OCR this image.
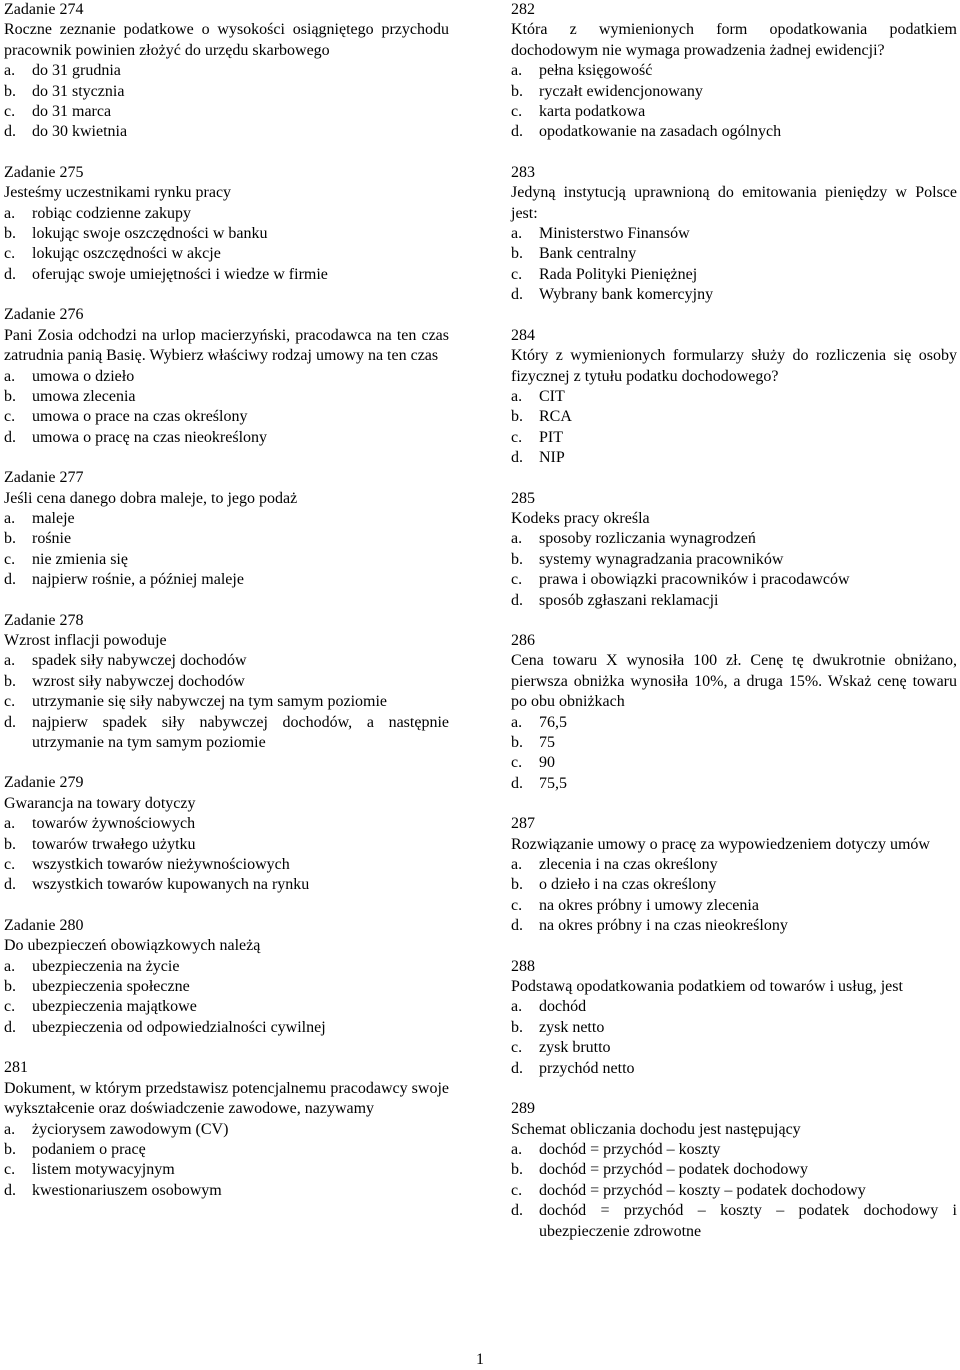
Zadanie 274
Roczne zeznanie podatkowe o wysokości osiągniętego przychodu pracownik powinien złożyć do urzędu skarbowego
a.	do 31 grudnia
b.	do 31 stycznia
c.	do 31 marca
d.	do 30 kwietnia
Zadanie 275
Jesteśmy uczestnikami rynku pracy
a.	robiąc codzienne zakupy
b.	lokując swoje oszczędności w banku
c.	lokując oszczędności w akcje
d.	oferując swoje umiejętności i wiedze w firmie
Zadanie 276
Pani Zosia odchodzi na urlop macierzyński, pracodawca na ten czas zatrudnia panią Basię. Wybierz właściwy rodzaj umowy na ten czas
a.	umowa o dzieło
b.	umowa zlecenia
c.	umowa o prace na czas określony
d.	umowa o pracę na czas nieokreślony
Zadanie 277
Jeśli cena danego dobra maleje, to jego podaż
a.	maleje
b.	rośnie
c.	nie zmienia się
d.	najpierw rośnie, a później maleje
Zadanie 278
Wzrost inflacji powoduje
a.	spadek siły nabywczej dochodów
b.	wzrost siły nabywczej dochodów
c.	utrzymanie się siły nabywczej na tym samym poziomie
d.	najpierw spadek siły nabywczej dochodów, a następnie utrzymanie na tym samym poziomie
Zadanie 279
Gwarancja na towary dotyczy
a.	towarów żywnościowych
b.	towarów trwałego użytku
c.	wszystkich towarów nieżywnościowych
d.	wszystkich towarów kupowanych na rynku
Zadanie 280
Do ubezpieczeń obowiązkowych należą
a.	ubezpieczenia na życie
b.	ubezpieczenia społeczne
c.	ubezpieczenia majątkowe
d.	ubezpieczenia od odpowiedzialności cywilnej
281
Dokument, w którym przedstawisz potencjalnemu pracodawcy swoje wykształcenie oraz doświadczenie zawodowe, nazywamy
a.	życiorysem zawodowym (CV)
b.	podaniem o pracę
c.	listem motywacyjnym
d.	kwestionariuszem osobowym
282
Która z wymienionych form opodatkowania podatkiem dochodowym nie wymaga prowadzenia żadnej ewidencji?
a.	pełna księgowość
b.	ryczałt ewidencjonowany
c.	karta podatkowa
d.	opodatkowanie na zasadach ogólnych
283
Jedyną instytucją uprawnioną do emitowania pieniędzy w Polsce jest:
a.	Ministerstwo Finansów
b.	Bank centralny
c.	Rada Polityki Pieniężnej
d.	Wybrany bank komercyjny
284
Który z wymienionych formularzy służy do rozliczenia się osoby fizycznej z tytułu podatku dochodowego?
a.	CIT
b.	RCA
c.	PIT
d.	NIP
285
Kodeks pracy określa
a.	sposoby rozliczania wynagrodzeń
b.	systemy wynagradzania pracowników
c.	prawa i obowiązki pracowników i pracodawców
d.	sposób zgłaszani reklamacji
286
Cena towaru X wynosiła 100 zł. Cenę tę dwukrotnie obniżano, pierwsza obniżka wynosiła 10%, a druga 15%. Wskaż cenę towaru po obu obniżkach
a.	76,5
b.	75
c.	90
d.	75,5
287
Rozwiązanie umowy o pracę za wypowiedzeniem dotyczy umów
a.	zlecenia i na czas określony
b.	o dzieło i na czas określony
c.	na okres próbny i umowy zlecenia
d.	na okres próbny i na czas nieokreślony
288
Podstawą opodatkowania podatkiem od towarów i usług, jest
a.	dochód
b.	zysk netto
c.	zysk brutto
d.	przychód netto
289
Schemat obliczania dochodu jest następujący
a.	dochód = przychód – koszty
b.	dochód = przychód – podatek dochodowy
c.	dochód = przychód – koszty – podatek dochodowy
d.	dochód = przychód – koszty – podatek dochodowy i ubezpieczenie zdrowotne
1
